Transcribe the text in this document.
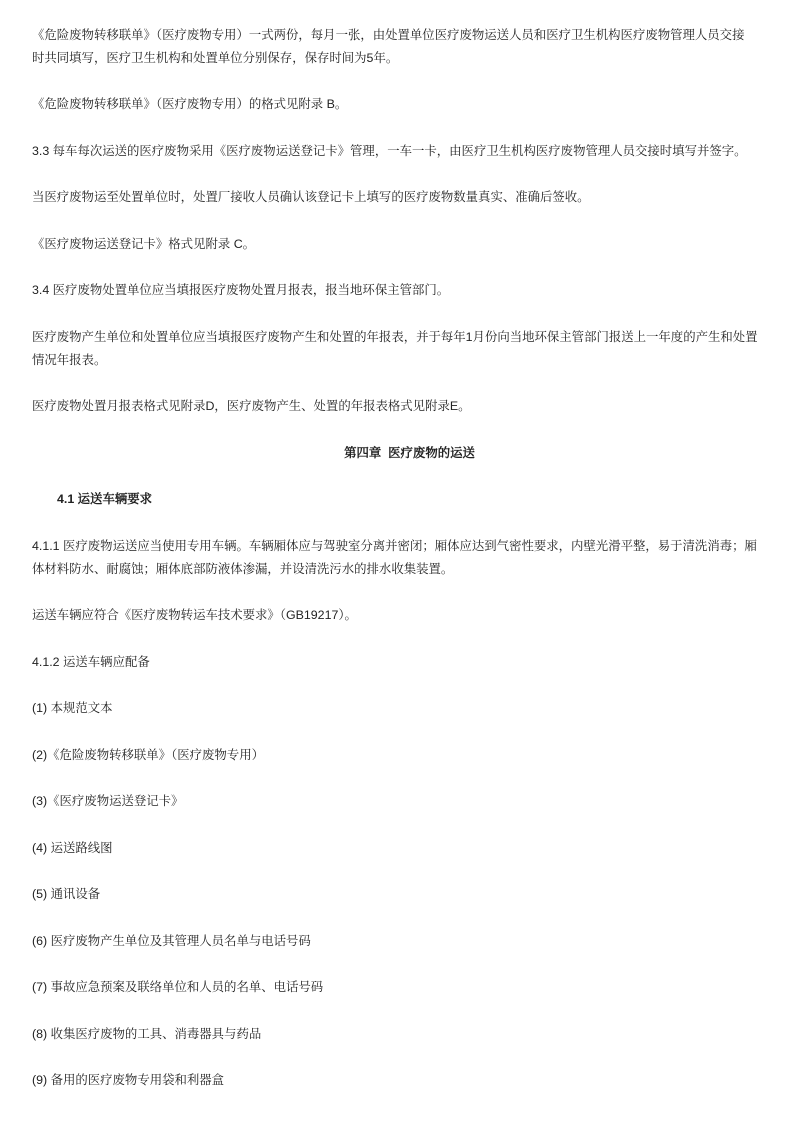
《危险废物转移联单》（医疗废物专用）一式两份，每月一张，由处置单位医疗废物运送人员和医疗卫生机构医疗废物管理人员交接
时共同填写，医疗卫生机构和处置单位分别保存，保存时间为5年。

《危险废物转移联单》（医疗废物专用）的格式见附录 B。

3.3 每车每次运送的医疗废物采用《医疗废物运送登记卡》管理，一车一卡，由医疗卫生机构医疗废物管理人员交接时填写并签字。

当医疗废物运至处置单位时，处置厂接收人员确认该登记卡上填写的医疗废物数量真实、准确后签收。

《医疗废物运送登记卡》格式见附录 C。

3.4 医疗废物处置单位应当填报医疗废物处置月报表，报当地环保主管部门。

医疗废物产生单位和处置单位应当填报医疗废物产生和处置的年报表，并于每年1月份向当地环保主管部门报送上一年度的产生和处置
情况年报表。

医疗废物处置月报表格式见附录D，医疗废物产生、处置的年报表格式见附录E。

第四章  医疗废物的运送
4.1 运送车辆要求

4.1.1 医疗废物运送应当使用专用车辆。车辆厢体应与驾驶室分离并密闭；厢体应达到气密性要求，内壁光滑平整，易于清洗消毒；厢
体材料防水、耐腐蚀；厢体底部防液体渗漏，并设清洗污水的排水收集装置。

运送车辆应符合《医疗废物转运车技术要求》（GB19217）。

4.1.2 运送车辆应配备

(1) 本规范文本

(2)《危险废物转移联单》（医疗废物专用）

(3)《医疗废物运送登记卡》

(4) 运送路线图

(5) 通讯设备

(6) 医疗废物产生单位及其管理人员名单与电话号码

(7) 事故应急预案及联络单位和人员的名单、电话号码

(8) 收集医疗废物的工具、消毒器具与药品

(9) 备用的医疗废物专用袋和利器盒
